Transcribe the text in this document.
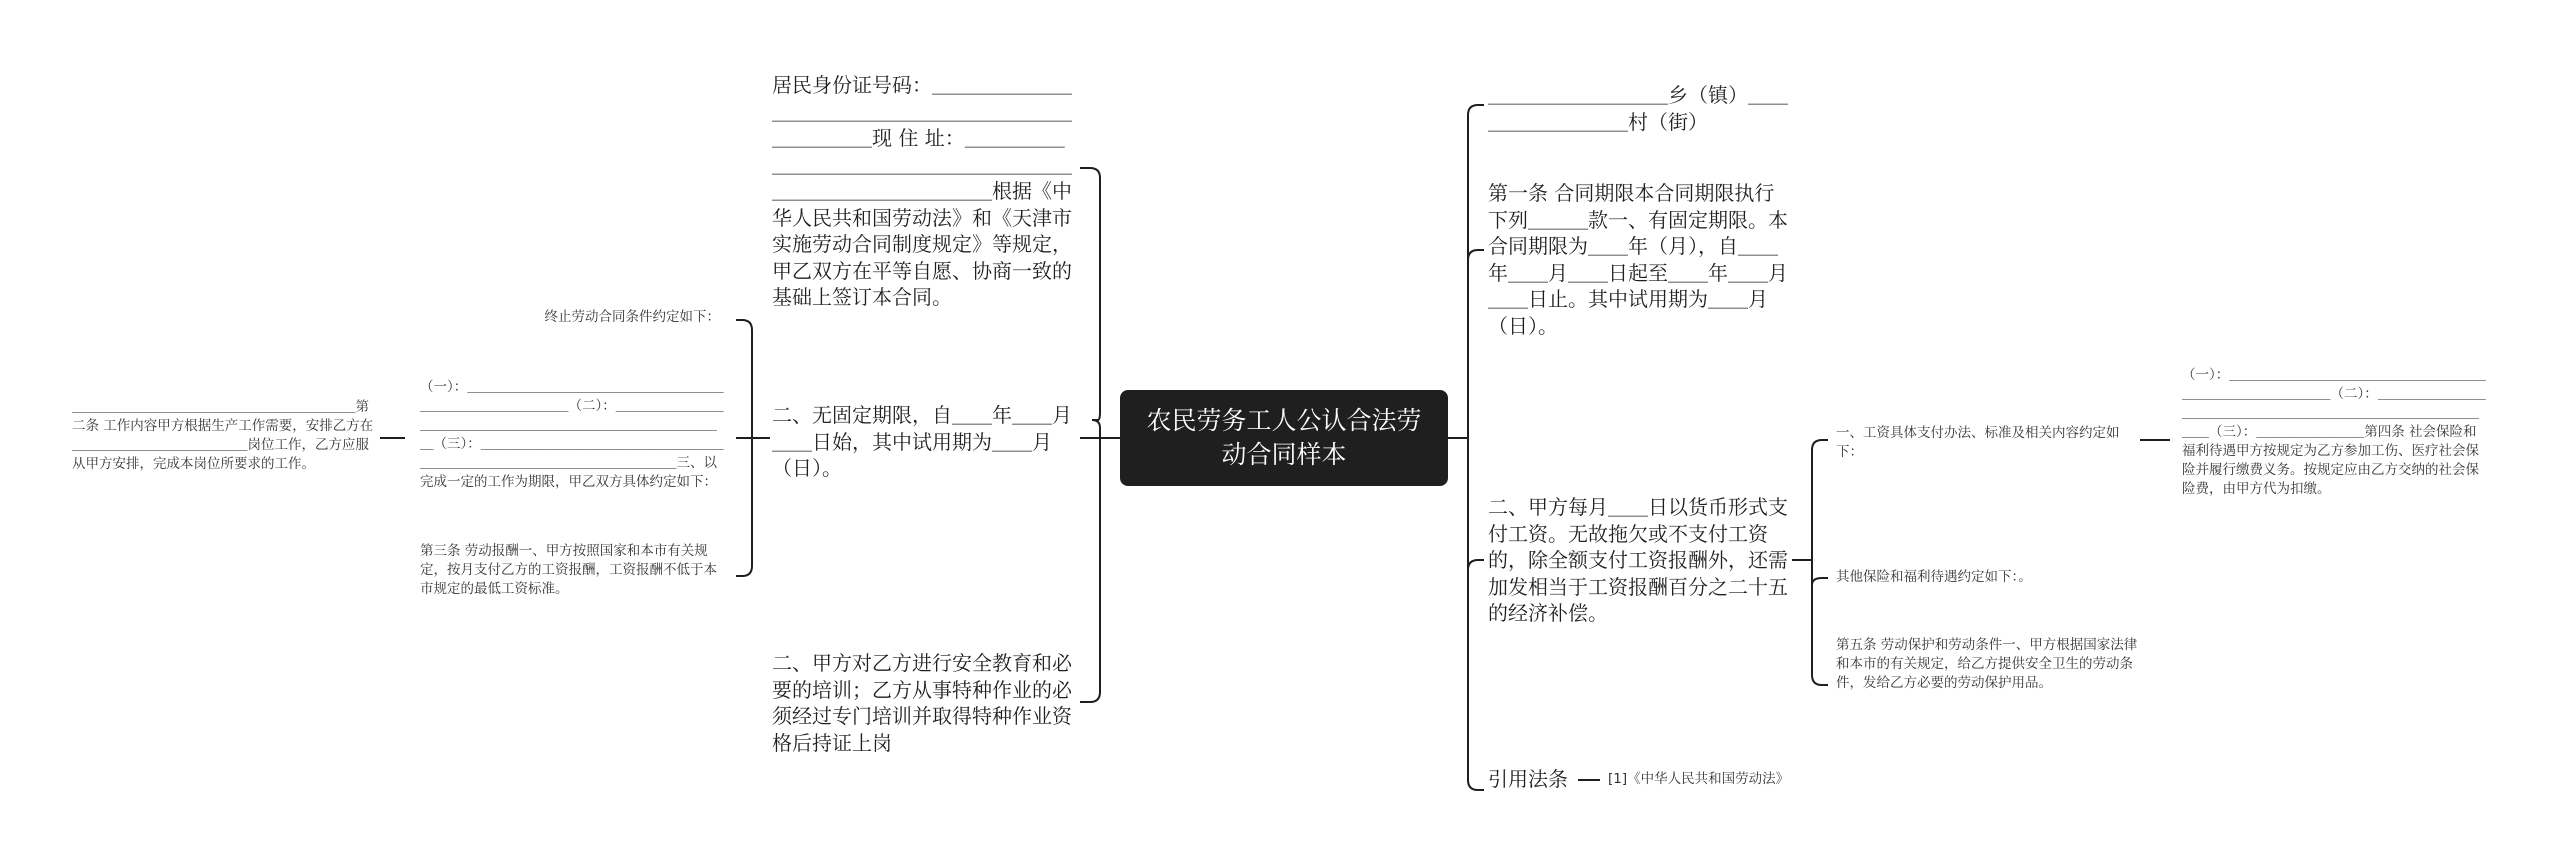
农民劳务工人公认合法劳动合同样本
居民身份证号码：＿＿＿＿＿＿＿＿＿＿＿＿＿＿＿＿＿＿＿＿＿＿＿＿＿＿＿现 住 址：＿＿＿＿＿＿＿＿＿＿＿＿＿＿＿＿＿＿＿＿＿＿＿＿＿＿＿＿＿＿＿根据《中华人民共和国劳动法》和《天津市实施劳动合同制度规定》等规定，甲乙双方在平等自愿、协商一致的基础上签订本合同。
二、无固定期限，自＿＿年＿＿月＿＿日始，其中试用期为＿＿月（日）。
二、甲方对乙方进行安全教育和必要的培训；乙方从事特种作业的必须经过专门培训并取得特种作业资格后持证上岗
终止劳动合同条件约定如下：
（一）：＿＿＿＿＿＿＿＿＿＿＿＿＿＿＿＿＿＿＿＿＿＿＿＿＿＿＿＿＿＿（二）：＿＿＿＿＿＿＿＿＿＿＿＿＿＿＿＿＿＿＿＿＿＿＿＿＿＿＿＿＿＿＿（三）：＿＿＿＿＿＿＿＿＿＿＿＿＿＿＿＿＿＿＿＿＿＿＿＿＿＿＿＿＿＿＿＿＿＿＿＿＿三、以完成一定的工作为期限，甲乙双方具体约定如下：
第三条 劳动报酬一、甲方按照国家和本市有关规定，按月支付乙方的工资报酬，工资报酬不低于本市规定的最低工资标准。
＿＿＿＿＿＿＿＿＿＿＿＿＿＿＿＿＿＿＿＿＿第二条 工作内容甲方根据生产工作需要，安排乙方在＿＿＿＿＿＿＿＿＿＿＿＿＿岗位工作，乙方应服从甲方安排，完成本岗位所要求的工作。
＿＿＿＿＿＿＿＿＿乡（镇）＿＿＿＿＿＿＿＿＿村（街）
第一条 合同期限本合同期限执行下列＿＿＿款一、有固定期限。本合同期限为＿＿年（月），自＿＿年＿＿月＿＿日起至＿＿年＿＿月＿＿日止。其中试用期为＿＿月（日）。
二、甲方每月＿＿日以货币形式支付工资。无故拖欠或不支付工资的，除全额支付工资报酬外，还需加发相当于工资报酬百分之二十五的经济补偿。
引用法条
一、工资具体支付办法、标准及相关内容约定如下：
其他保险和福利待遇约定如下：。
第五条 劳动保护和劳动条件一、甲方根据国家法律和本市的有关规定，给乙方提供安全卫生的劳动条件，发给乙方必要的劳动保护用品。
（一）：＿＿＿＿＿＿＿＿＿＿＿＿＿＿＿＿＿＿＿＿＿＿＿＿＿＿＿＿＿＿（二）：＿＿＿＿＿＿＿＿＿＿＿＿＿＿＿＿＿＿＿＿＿＿＿＿＿＿＿＿＿＿＿＿（三）：＿＿＿＿＿＿＿＿第四条 社会保险和福利待遇甲方按规定为乙方参加工伤、医疗社会保险并履行缴费义务。按规定应由乙方交纳的社会保险费，由甲方代为扣缴。
[1]《中华人民共和国劳动法》
